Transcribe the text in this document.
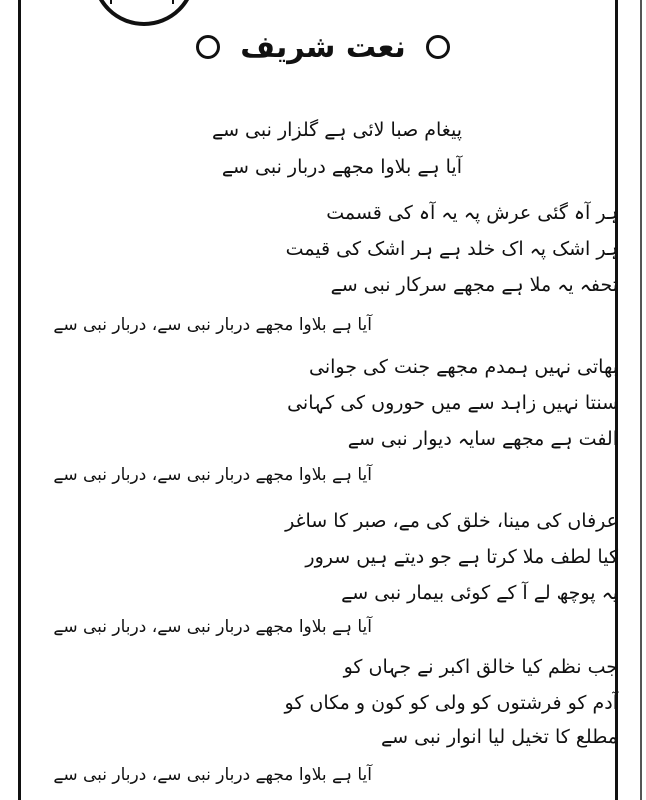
نعت شریف
پیغام صبا لائی ہے گلزار نبی سے
آیا ہے بلاوا مجھے دربار نبی سے
ہر آہ گئی عرش پہ یہ آہ کی قسمت
ہر اشک پہ اک خلد ہے ہر اشک کی قیمت
تحفہ یہ ملا ہے مجھے سرکار نبی سے
آیا ہے بلاوا مجھے دربار نبی سے، دربار نبی سے
بھاتی نہیں ہمدم مجھے جنت کی جوانی
سنتا نہیں زاہد سے میں حوروں کی کہانی
الفت ہے مجھے سایہ دیوار نبی سے
آیا ہے بلاوا مجھے دربار نبی سے، دربار نبی سے
عرفاں کی مینا، خلق کی مے، صبر کا ساغر
کیا لطف ملا کرتا ہے جو دیتے ہیں سرور
یہ پوچھ لے آ کے کوئی بیمار نبی سے
آیا ہے بلاوا مجھے دربار نبی سے، دربار نبی سے
جب نظم کیا خالق اکبر نے جہاں کو
آدم کو فرشتوں کو ولی کو کون و مکاں کو
مطلع کا تخیل لیا انوار نبی سے
آیا ہے بلاوا مجھے دربار نبی سے، دربار نبی سے
